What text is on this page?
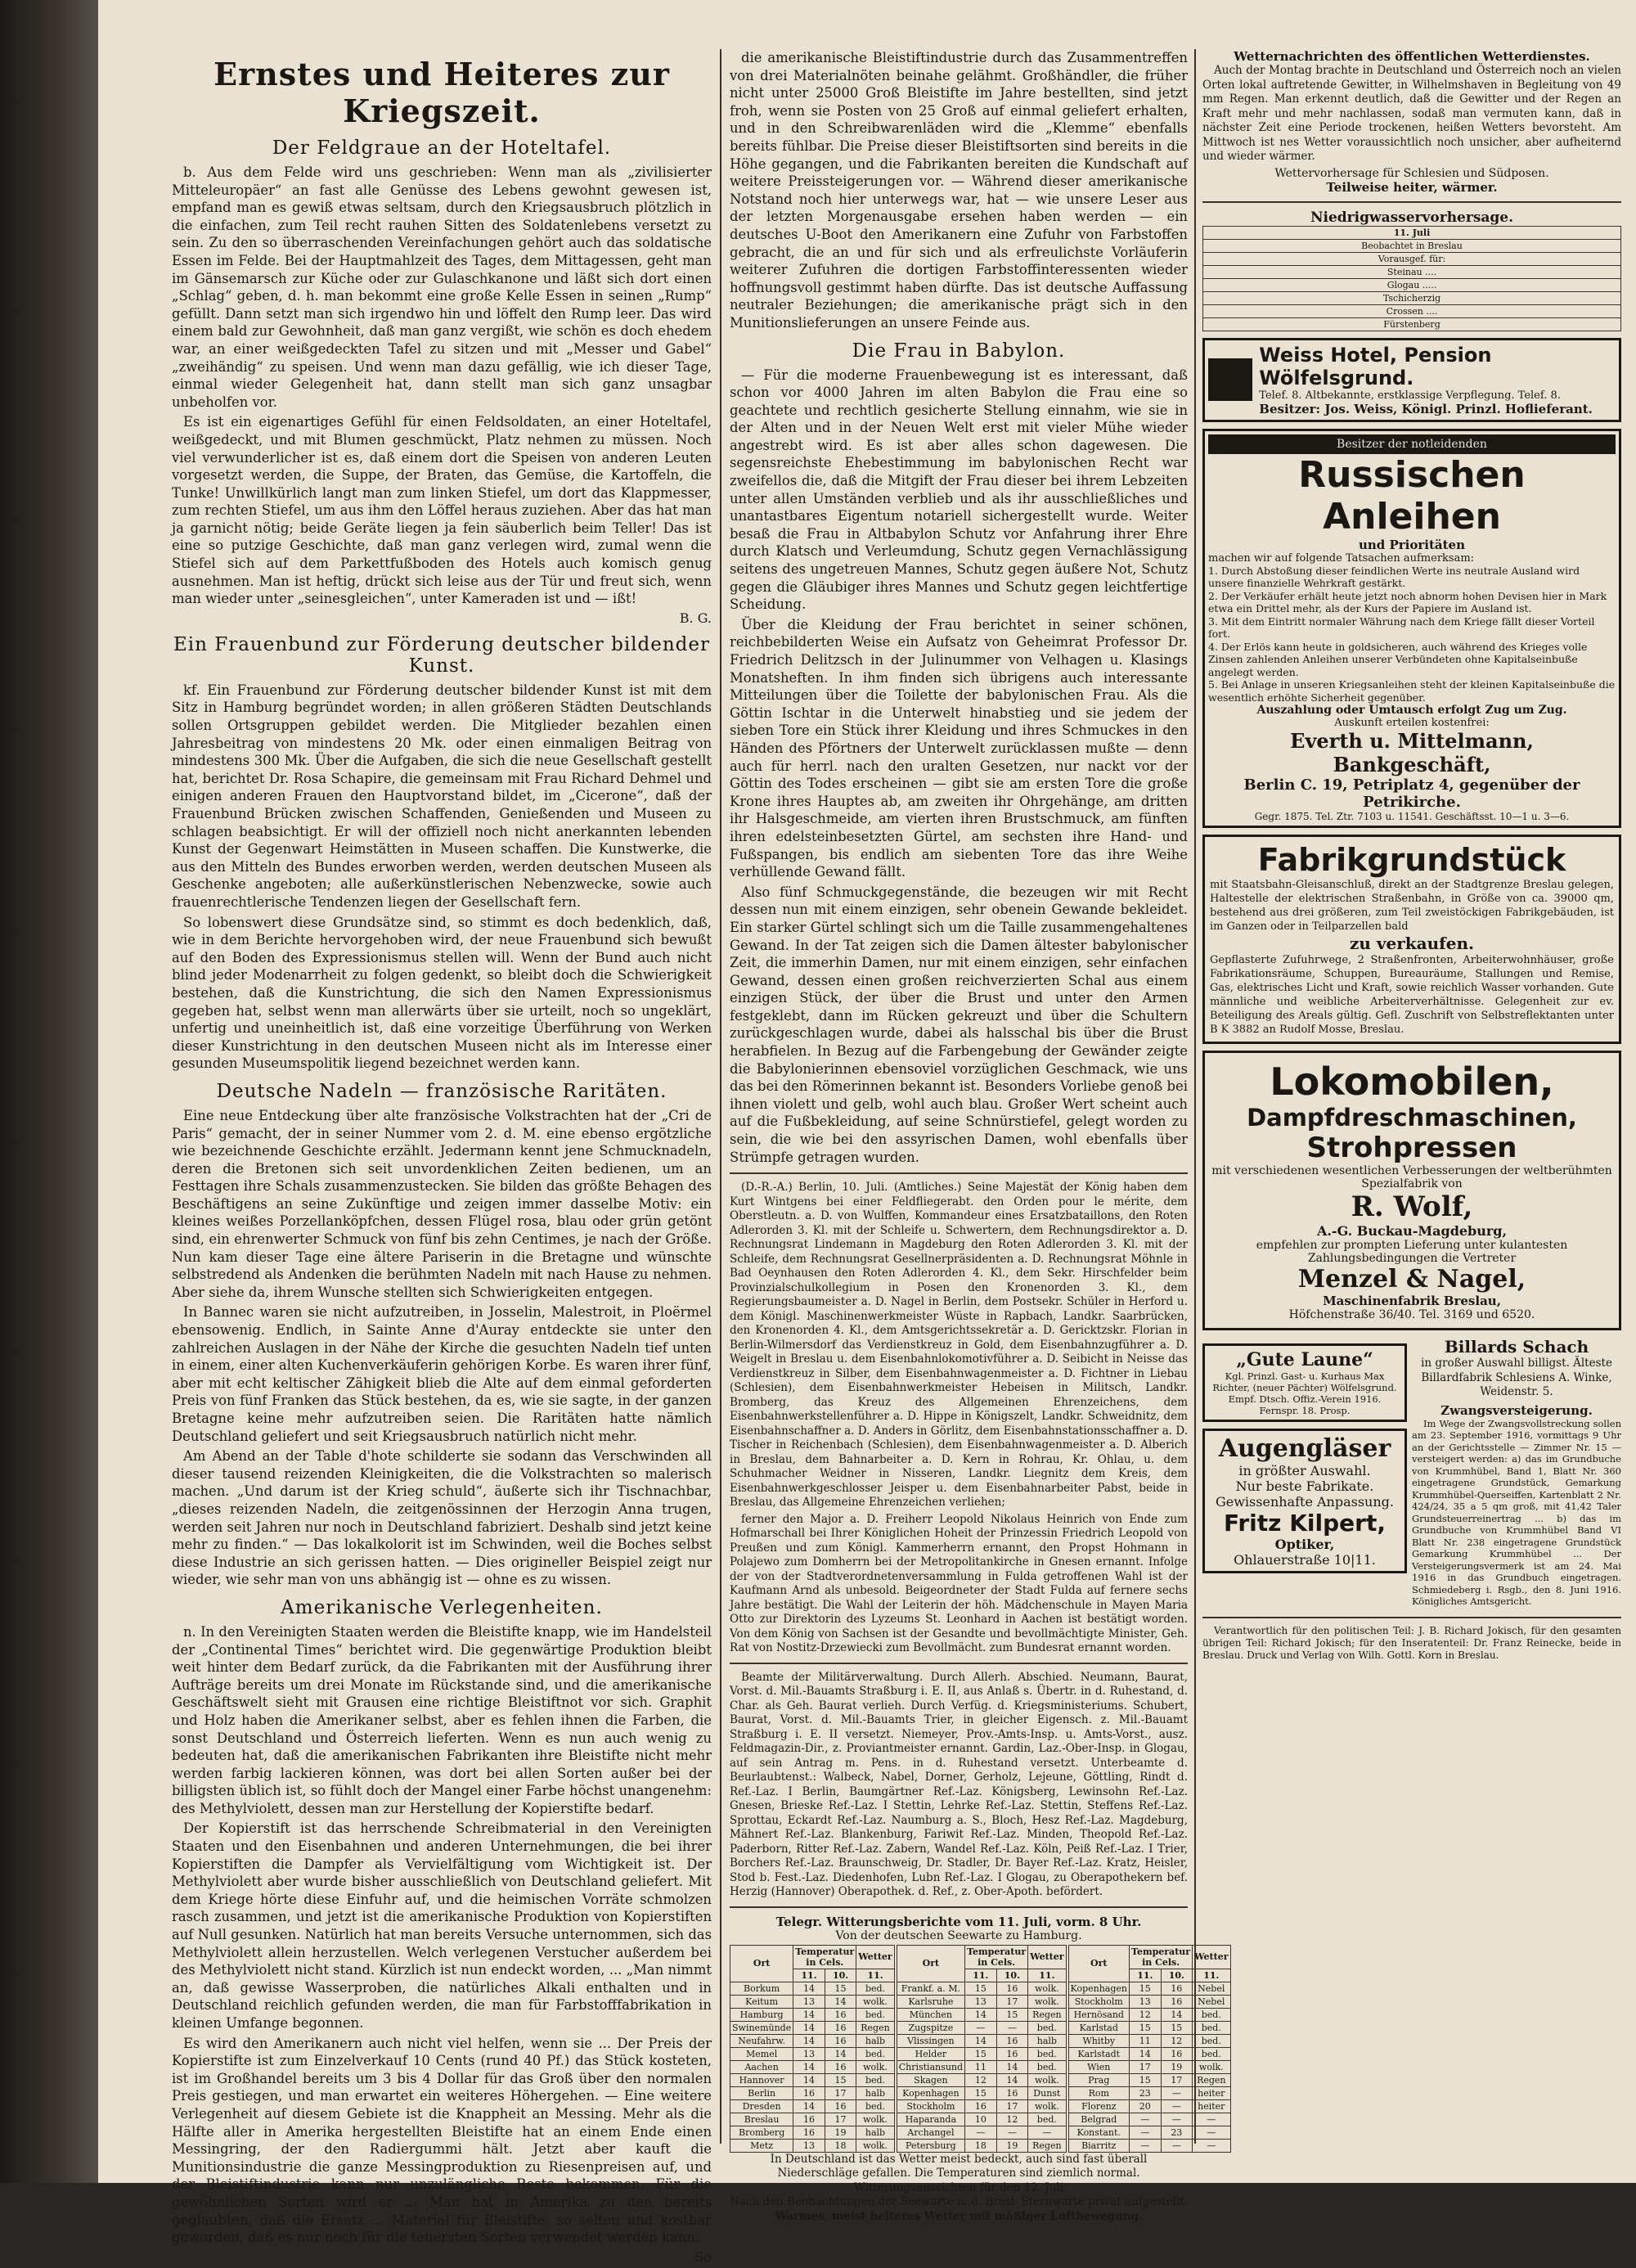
Ernstes und Heiteres zur Kriegszeit.
Der Feldgraue an der Hoteltafel.

b. Aus dem Felde wird uns geschrieben: Wenn man als „zivilisierter Mitteleuropäer“ an fast alle Genüsse des Lebens gewohnt gewesen ist, empfand man es gewiß etwas seltsam, durch den Kriegsausbruch plötzlich in die einfachen, zum Teil recht rauhen Sitten des Soldatenlebens versetzt zu sein. Zu den so überraschenden Vereinfachungen gehört auch das soldatische Essen im Felde. Bei der Hauptmahlzeit des Tages, dem Mittagessen, geht man im Gänsemarsch zur Küche oder zur Gulaschkanone und läßt sich dort einen „Schlag“ geben, d. h. man bekommt eine große Kelle Essen in seinen „Rump“ gefüllt. Dann setzt man sich irgendwo hin und löffelt den Rump leer. Das wird einem bald zur Gewohnheit, daß man ganz vergißt, wie schön es doch ehedem war, an einer weißgedeckten Tafel zu sitzen und mit „Messer und Gabel“ „zweihändig“ zu speisen. Und wenn man dazu gefällig, wie ich dieser Tage, einmal wieder Gelegenheit hat, dann stellt man sich ganz unsagbar unbeholfen vor.

Es ist ein eigenartiges Gefühl für einen Feldsoldaten, an einer Hoteltafel, weißgedeckt, und mit Blumen geschmückt, Platz nehmen zu müssen. Noch viel verwunderlicher ist es, daß einem dort die Speisen von anderen Leuten vorgesetzt werden, die Suppe, der Braten, das Gemüse, die Kartoffeln, die Tunke! Unwillkürlich langt man zum linken Stiefel, um dort das Klappmesser, zum rechten Stiefel, um aus ihm den Löffel heraus zuziehen. Aber das hat man ja garnicht nötig; beide Geräte liegen ja fein säuberlich beim Teller! Das ist eine so putzige Geschichte, daß man ganz verlegen wird, zumal wenn die Stiefel sich auf dem Parkettfußboden des Hotels auch komisch genug ausnehmen. Man ist heftig, drückt sich leise aus der Tür und freut sich, wenn man wieder unter „seinesgleichen“, unter Kameraden ist und — ißt!

B. G.
Ein Frauenbund zur Förderung deutscher bildender Kunst.

kf. Ein Frauenbund zur Förderung deutscher bildender Kunst ist mit dem Sitz in Hamburg begründet worden; in allen größeren Städten Deutschlands sollen Ortsgruppen gebildet werden. Die Mitglieder bezahlen einen Jahresbeitrag von mindestens 20 Mk. oder einen einmaligen Beitrag von mindestens 300 Mk. Über die Aufgaben, die sich die neue Gesellschaft gestellt hat, berichtet Dr. Rosa Schapire, die gemeinsam mit Frau Richard Dehmel und einigen anderen Frauen den Hauptvorstand bildet, im „Cicerone“, daß der Frauenbund Brücken zwischen Schaffenden, Genießenden und Museen zu schlagen beabsichtigt. Er will der offiziell noch nicht anerkannten lebenden Kunst der Gegenwart Heimstätten in Museen schaffen. Die Kunstwerke, die aus den Mitteln des Bundes erworben werden, werden deutschen Museen als Geschenke angeboten; alle außerkünstlerischen Nebenzwecke, sowie auch frauenrechtlerische Tendenzen liegen der Gesellschaft fern.

So lobenswert diese Grundsätze sind, so stimmt es doch bedenklich, daß, wie in dem Berichte hervorgehoben wird, der neue Frauenbund sich bewußt auf den Boden des Expressionismus stellen will. Wenn der Bund auch nicht blind jeder Modenarrheit zu folgen gedenkt, so bleibt doch die Schwierigkeit bestehen, daß die Kunstrichtung, die sich den Namen Expressionismus gegeben hat, selbst wenn man allerwärts über sie urteilt, noch so ungeklärt, unfertig und uneinheitlich ist, daß eine vorzeitige Überführung von Werken dieser Kunstrichtung in den deutschen Museen nicht als im Interesse einer gesunden Museumspolitik liegend bezeichnet werden kann.

Deutsche Nadeln — französische Raritäten.

Eine neue Entdeckung über alte französische Volkstrachten hat der „Cri de Paris“ gemacht, der in seiner Nummer vom 2. d. M. eine ebenso ergötzliche wie bezeichnende Geschichte erzählt. Jedermann kennt jene Schmucknadeln, deren die Bretonen sich seit unvordenklichen Zeiten bedienen, um an Festtagen ihre Schals zusammenzustecken. Sie bilden das größte Behagen des Beschäftigens an seine Zukünftige und zeigen immer dasselbe Motiv: ein kleines weißes Porzellanköpfchen, dessen Flügel rosa, blau oder grün getönt sind, ein ehrenwerter Schmuck von fünf bis zehn Centimes, je nach der Größe. Nun kam dieser Tage eine ältere Pariserin in die Bretagne und wünschte selbstredend als Andenken die berühmten Nadeln mit nach Hause zu nehmen. Aber siehe da, ihrem Wunsche stellten sich Schwierigkeiten entgegen.

In Bannec waren sie nicht aufzutreiben, in Josselin, Malestroit, in Ploërmel ebensowenig. Endlich, in Sainte Anne d'Auray entdeckte sie unter den zahlreichen Auslagen in der Nähe der Kirche die gesuchten Nadeln tief unten in einem, einer alten Kuchenverkäuferin gehörigen Korbe. Es waren ihrer fünf, aber mit echt keltischer Zähigkeit blieb die Alte auf dem einmal geforderten Preis von fünf Franken das Stück bestehen, da es, wie sie sagte, in der ganzen Bretagne keine mehr aufzutreiben seien. Die Raritäten hatte nämlich Deutschland geliefert und seit Kriegsausbruch natürlich nicht mehr.

Am Abend an der Table d'hote schilderte sie sodann das Verschwinden all dieser tausend reizenden Kleinigkeiten, die die Volkstrachten so malerisch machen. „Und darum ist der Krieg schuld“, äußerte sich ihr Tischnachbar, „dieses reizenden Nadeln, die zeitgenössinnen der Herzogin Anna trugen, werden seit Jahren nur noch in Deutschland fabriziert. Deshalb sind jetzt keine mehr zu finden.“ — Das lokalkolorit ist im Schwinden, weil die Boches selbst diese Industrie an sich gerissen hatten. — Dies origineller Beispiel zeigt nur wieder, wie sehr man von uns abhängig ist — ohne es zu wissen.

Amerikanische Verlegenheiten.

n. In den Vereinigten Staaten werden die Bleistifte knapp, wie im Handelsteil der „Continental Times“ berichtet wird. Die gegenwärtige Produktion bleibt weit hinter dem Bedarf zurück, da die Fabrikanten mit der Ausführung ihrer Aufträge bereits um drei Monate im Rückstande sind, und die amerikanische Geschäftswelt sieht mit Grausen eine richtige Bleistiftnot vor sich. Graphit und Holz haben die Amerikaner selbst, aber es fehlen ihnen die Farben, die sonst Deutschland und Österreich lieferten. Wenn es nun auch wenig zu bedeuten hat, daß die amerikanischen Fabrikanten ihre Bleistifte nicht mehr werden farbig lackieren können, was dort bei allen Sorten außer bei der billigsten üblich ist, so fühlt doch der Mangel einer Farbe höchst unangenehm: des Methylviolett, dessen man zur Herstellung der Kopierstifte bedarf.

Der Kopierstift ist das herrschende Schreibmaterial in den Vereinigten Staaten und den Eisenbahnen und anderen Unternehmungen, die bei ihrer Kopierstiften die Dampfer als Vervielfältigung vom Wichtigkeit ist. Der Methylviolett aber wurde bisher ausschließlich von Deutschland geliefert. Mit dem Kriege hörte diese Einfuhr auf, und die heimischen Vorräte schmolzen rasch zusammen, und jetzt ist die amerikanische Produktion von Kopierstiften auf Null gesunken. Natürlich hat man bereits Versuche unternommen, sich das Methylviolett allein herzustellen. Welch verlegenen Verstucher außerdem bei des Methylviolett nicht stand. Kürzlich ist nun endeckt worden, ... „Man nimmt an, daß gewisse Wasserproben, die natürliches Alkali enthalten und in Deutschland reichlich gefunden werden, die man für Farbstofffabrikation in kleinen Umfange begonnen.

Es wird den Amerikanern auch nicht viel helfen, wenn sie ... Der Preis der Kopierstifte ist zum Einzelverkauf 10 Cents (rund 40 Pf.) das Stück kosteten, ist im Großhandel bereits um 3 bis 4 Dollar für das Groß über den normalen Preis gestiegen, und man erwartet ein weiteres Höhergehen. — Eine weitere Verlegenheit auf diesem Gebiete ist die Knappheit an Messing. Mehr als die Hälfte aller in Amerika hergestellten Bleistifte hat an einem Ende einen Messingring, der den Radiergummi hält. Jetzt aber kauft die Munitionsindustrie die ganze Messingproduktion zu Riesenpreisen auf, und der Bleistiftindustrie kann nur unzulängliche Reste bekommen. Für die gewöhnlichen Sorten wird er ... Man hat in Amerika zu den bereits geglaubten, daß die Ersatz ... Material für Bleistifte, so selten und kostbar geworden, daß es nur noch für die teuersten Sorten verwendet werden kann.

So

die amerikanische Bleistiftindustrie durch das Zusammentreffen von drei Materialnöten beinahe gelähmt. Großhändler, die früher nicht unter 25000 Groß Bleistifte im Jahre bestellten, sind jetzt froh, wenn sie Posten von 25 Groß auf einmal geliefert erhalten, und in den Schreibwarenläden wird die „Klemme“ ebenfalls bereits fühlbar. Die Preise dieser Bleistiftsorten sind bereits in die Höhe gegangen, und die Fabrikanten bereiten die Kundschaft auf weitere Preissteigerungen vor. — Während dieser amerikanische Notstand noch hier unterwegs war, hat — wie unsere Leser aus der letzten Morgenausgabe ersehen haben werden — ein deutsches U-Boot den Amerikanern eine Zufuhr von Farbstoffen gebracht, die an und für sich und als erfreulichste Vorläuferin weiterer Zufuhren die dortigen Farbstoffinteressenten wieder hoffnungsvoll gestimmt haben dürfte. Das ist deutsche Auffassung neutraler Beziehungen; die amerikanische prägt sich in den Munitionslieferungen an unsere Feinde aus.

Die Frau in Babylon.

— Für die moderne Frauenbewegung ist es interessant, daß schon vor 4000 Jahren im alten Babylon die Frau eine so geachtete und rechtlich gesicherte Stellung einnahm, wie sie in der Alten und in der Neuen Welt erst mit vieler Mühe wieder angestrebt wird. Es ist aber alles schon dagewesen. Die segensreichste Ehebestimmung im babylonischen Recht war zweifellos die, daß die Mitgift der Frau dieser bei ihrem Lebzeiten unter allen Umständen verblieb und als ihr ausschließliches und unantastbares Eigentum notariell sichergestellt wurde. Weiter besaß die Frau in Altbabylon Schutz vor Anfahrung ihrer Ehre durch Klatsch und Verleumdung, Schutz gegen Vernachlässigung seitens des ungetreuen Mannes, Schutz gegen äußere Not, Schutz gegen die Gläubiger ihres Mannes und Schutz gegen leichtfertige Scheidung.

Über die Kleidung der Frau berichtet in seiner schönen, reichbebilderten Weise ein Aufsatz von Geheimrat Professor Dr. Friedrich Delitzsch in der Julinummer von Velhagen u. Klasings Monatsheften. In ihm finden sich übrigens auch interessante Mitteilungen über die Toilette der babylonischen Frau. Als die Göttin Ischtar in die Unterwelt hinabstieg und sie jedem der sieben Tore ein Stück ihrer Kleidung und ihres Schmuckes in den Händen des Pförtners der Unterwelt zurücklassen mußte — denn auch für herrl. nach den uralten Gesetzen, nur nackt vor der Göttin des Todes erscheinen — gibt sie am ersten Tore die große Krone ihres Hauptes ab, am zweiten ihr Ohrgehänge, am dritten ihr Halsgeschmeide, am vierten ihren Brustschmuck, am fünften ihren edelsteinbesetzten Gürtel, am sechsten ihre Hand- und Fußspangen, bis endlich am siebenten Tore das ihre Weihe verhüllende Gewand fällt.

Also fünf Schmuckgegenstände, die bezeugen wir mit Recht dessen nun mit einem einzigen, sehr obenein Gewande bekleidet. Ein starker Gürtel schlingt sich um die Taille zusammengehaltenes Gewand. In der Tat zeigen sich die Damen ältester babylonischer Zeit, die immerhin Damen, nur mit einem einzigen, sehr einfachen Gewand, dessen einen großen reichverzierten Schal aus einem einzigen Stück, der über die Brust und unter den Armen festgeklebt, dann im Rücken gekreuzt und über die Schultern zurückgeschlagen wurde, dabei als halsschal bis über die Brust herabfielen. In Bezug auf die Farbengebung der Gewänder zeigte die Babylonierinnen ebensoviel vorzüglichen Geschmack, wie uns das bei den Römerinnen bekannt ist. Besonders Vorliebe genoß bei ihnen violett und gelb, wohl auch blau. Großer Wert scheint auch auf die Fußbekleidung, auf seine Schnürstiefel, gelegt worden zu sein, die wie bei den assyrischen Damen, wohl ebenfalls über Strümpfe getragen wurden.

(D.-R.-A.) Berlin, 10. Juli. (Amtliches.) Seine Majestät der König haben dem Kurt Wintgens bei einer Feldfliegerabt. den Orden pour le mérite, dem Oberstleutn. a. D. von Wulffen, Kommandeur eines Ersatzbataillons, den Roten Adlerorden 3. Kl. mit der Schleife u. Schwertern, dem Rechnungsdirektor a. D. Rechnungsrat Lindemann in Magdeburg den Roten Adlerorden 3. Kl. mit der Schleife, dem Rechnungsrat Gesellnerpräsidenten a. D. Rechnungsrat Möhnle in Bad Oeynhausen den Roten Adlerorden 4. Kl., dem Sekr. Hirschfelder beim Provinzialschulkollegium in Posen den Kronenorden 3. Kl., dem Regierungsbaumeister a. D. Nagel in Berlin, dem Postsekr. Schüler in Herford u. dem Königl. Maschinenwerkmeister Wüste in Rapbach, Landkr. Saarbrücken, den Kronenorden 4. Kl., dem Amtsgerichtssekretär a. D. Gericktzskr. Florian in Berlin-Wilmersdorf das Verdienstkreuz in Gold, dem Eisenbahnzugführer a. D. Weigelt in Breslau u. dem Eisenbahnlokomotivführer a. D. Seibicht in Neisse das Verdienstkreuz in Silber, dem Eisenbahnwagenmeister a. D. Fichtner in Liebau (Schlesien), dem Eisenbahnwerkmeister Hebeisen in Militsch, Landkr. Bromberg, das Kreuz des Allgemeinen Ehrenzeichens, dem Eisenbahnwerkstellenführer a. D. Hippe in Königszelt, Landkr. Schweidnitz, dem Eisenbahnschaffner a. D. Anders in Görlitz, dem Eisenbahnstationsschaffner a. D. Tischer in Reichenbach (Schlesien), dem Eisenbahnwagenmeister a. D. Alberich in Breslau, dem Bahnarbeiter a. D. Kern in Rohrau, Kr. Ohlau, u. dem Schuhmacher Weidner in Nisseren, Landkr. Liegnitz dem Kreis, dem Eisenbahnwerkgeschlosser Jeisper u. dem Eisenbahnarbeiter Pabst, beide in Breslau, das Allgemeine Ehrenzeichen verliehen;

ferner den Major a. D. Freiherr Leopold Nikolaus Heinrich von Ende zum Hofmarschall bei Ihrer Königlichen Hoheit der Prinzessin Friedrich Leopold von Preußen und zum Königl. Kammerherrn ernannt, den Propst Hohmann in Polajewo zum Domherrn bei der Metropolitankirche in Gnesen ernannt. Infolge der von der Stadtverordnetenversammlung in Fulda getroffenen Wahl ist der Kaufmann Arnd als unbesold. Beigeordneter der Stadt Fulda auf fernere sechs Jahre bestätigt. Die Wahl der Leiterin der höh. Mädchenschule in Mayen Maria Otto zur Direktorin des Lyzeums St. Leonhard in Aachen ist bestätigt worden. Von dem König von Sachsen ist der Gesandte und bevollmächtigte Minister, Geh. Rat von Nostitz-Drzewiecki zum Bevollmächt. zum Bundesrat ernannt worden.

Beamte der Militärverwaltung. Durch Allerh. Abschied. Neumann, Baurat, Vorst. d. Mil.-Bauamts Straßburg i. E. II, aus Anlaß s. Übertr. in d. Ruhestand, d. Char. als Geh. Baurat verlieh. Durch Verfüg. d. Kriegsministeriums. Schubert, Baurat, Vorst. d. Mil.-Bauamts Trier, in gleicher Eigensch. z. Mil.-Bauamt Straßburg i. E. II versetzt. Niemeyer, Prov.-Amts-Insp. u. Amts-Vorst., ausz. Feldmagazin-Dir., z. Proviantmeister ernannt. Gardin, Laz.-Ober-Insp. in Glogau, auf sein Antrag m. Pens. in d. Ruhestand versetzt. Unterbeamte d. Beurlaubtenst.: Walbeck, Nabel, Dorner, Gerholz, Lejeune, Göttling, Rindt d. Ref.-Laz. I Berlin, Baumgärtner Ref.-Laz. Königsberg, Lewinsohn Ref.-Laz. Gnesen, Brieske Ref.-Laz. I Stettin, Lehrke Ref.-Laz. Stettin, Steffens Ref.-Laz. Sprottau, Eckardt Ref.-Laz. Naumburg a. S., Bloch, Hesz Ref.-Laz. Magdeburg, Mähnert Ref.-Laz. Blankenburg, Fariwit Ref.-Laz. Minden, Theopold Ref.-Laz. Paderborn, Ritter Ref.-Laz. Zabern, Wandel Ref.-Laz. Köln, Peiß Ref.-Laz. I Trier, Borchers Ref.-Laz. Braunschweig, Dr. Stadler, Dr. Bayer Ref.-Laz. Kratz, Heisler, Stod b. Fest.-Laz. Diedenhofen, Lubn Ref.-Laz. I Glogau, zu Oberapothekern bef. Herzig (Hannover) Oberapothek. d. Ref., z. Ober-Apoth. befördert.

Telegr. Witterungsberichte vom 11. Juli, vorm. 8 Uhr.
Von der deutschen Seewarte zu Hamburg.
Ort	Temperatur in Cels.		Wetter
	11.	10.	11.
Borkum	14	15	bed.
Keitum	13	14	wolk.
Hamburg	14	16	bed.
Swinemünde	14	16	Regen
Neufahrw.	14	16	halb
Memel	13	14	bed.
Aachen	14	16	wolk.
Hannover	14	15	bed.
Berlin	16	17	halb
Dresden	14	16	bed.
Breslau	16	17	wolk.
Bromberg	16	19	halb
Metz	13	18	wolk.
Ort	Temperatur in Cels.		Wetter
	11.	10.	11.
Frankf. a. M.	15	16	wolk.
Karlsruhe	13	17	wolk.
München	14	15	Regen
Zugspitze	—	—	bed.
Vlissingen	14	16	halb
Helder	15	16	bed.
Christiansund	11	14	bed.
Skagen	12	14	wolk.
Kopenhagen	15	16	Dunst
Stockholm	16	17	wolk.
Haparanda	10	12	bed.
Archangel	—	—	—
Petersburg	18	19	Regen
Ort	Temperatur in Cels.		Wetter
	11.	10.	11.
Kopenhagen	15	16	Nebel
Stockholm	13	16	Nebel
Hernösand	12	14	bed.
Karlstad	15	15	bed.
Whitby	11	12	bed.
Karlstadt	14	16	bed.
Wien	17	19	wolk.
Prag	15	17	Regen
Rom	23	—	heiter
Florenz	20	—	heiter
Belgrad	—	—	—
Konstant.	—	23	—
Biarritz	—	—	—
In Deutschland ist das Wetter meist bedeckt, auch sind fast überall Niederschläge gefallen. Die Temperaturen sind ziemlich normal.
Witterungsaussichten für den 12. Juli
Nach den Beobachtungen der Seewarte u. d. Bresl. Sternwarte privat aufgestellt.
Warmes, meist heiteres Wetter mit mäßiger Luftbewegung.
Wetternachrichten des öffentlichen Wetterdienstes.

Auch der Montag brachte in Deutschland und Österreich noch an vielen Orten lokal auftretende Gewitter, in Wilhelmshaven in Begleitung von 49 mm Regen. Man erkennt deutlich, daß die Gewitter und der Regen an Kraft mehr und mehr nachlassen, sodaß man vermuten kann, daß in nächster Zeit eine Periode trockenen, heißen Wetters bevorsteht. Am Mittwoch ist nes Wetter voraussichtlich noch unsicher, aber aufheiternd und wieder wärmer.

Wettervorhersage für Schlesien und Südposen.
Teilweise heiter, wärmer.
Niedrigwasservorhersage.
11. Juli
Beobachtet in Breslau
Vorausgef. für:
Steinau ....
Glogau .....
Tschicherzig
Crossen ....
Fürstenberg
Weiss Hotel, Pension Wölfelsgrund.
Telef. 8. Altbekannte, erstklassige Verpflegung. Telef. 8.
Besitzer: Jos. Weiss, Königl. Prinzl. Hoflieferant.
Besitzer der notleidenden
Russischen Anleihen
und Prioritäten
machen wir auf folgende Tatsachen aufmerksam:
1. Durch Abstoßung dieser feindlichen Werte ins neutrale Ausland wird unsere finanzielle Wehrkraft gestärkt.
2. Der Verkäufer erhält heute jetzt noch abnorm hohen Devisen hier in Mark etwa ein Drittel mehr, als der Kurs der Papiere im Ausland ist.
3. Mit dem Eintritt normaler Währung nach dem Kriege fällt dieser Vorteil fort.
4. Der Erlös kann heute in goldsicheren, auch während des Krieges volle Zinsen zahlenden Anleihen unserer Verbündeten ohne Kapitalseinbuße angelegt werden.
5. Bei Anlage in unseren Kriegsanleihen steht der kleinen Kapitalseinbuße die wesentlich erhöhte Sicherheit gegenüber.
Auszahlung oder Umtausch erfolgt Zug um Zug.
Auskunft erteilen kostenfrei:
Everth u. Mittelmann, Bankgeschäft,
Berlin C. 19, Petriplatz 4, gegenüber der Petrikirche.
Gegr. 1875. Tel. Ztr. 7103 u. 11541. Geschäftsst. 10—1 u. 3—6.
Fabrikgrundstück
mit Staatsbahn-Gleisanschluß, direkt an der Stadtgrenze Breslau gelegen, Haltestelle der elektrischen Straßenbahn, in Größe von ca. 39000 qm, bestehend aus drei größeren, zum Teil zweistöckigen Fabrikgebäuden, ist im Ganzen oder in Teilparzellen bald
zu verkaufen.
Gepflasterte Zufuhrwege, 2 Straßenfronten, Arbeiterwohnhäuser, große Fabrikationsräume, Schuppen, Bureauräume, Stallungen und Remise, Gas, elektrisches Licht und Kraft, sowie reichlich Wasser vorhanden. Gute männliche und weibliche Arbeiterverhältnisse. Gelegenheit zur ev. Beteiligung des Areals gültig. Gefl. Zuschrift von Selbstreflektanten unter B K 3882 an Rudolf Mosse, Breslau.
Lokomobilen,
Dampfdreschmaschinen,
Strohpressen
mit verschiedenen wesentlichen Verbesserungen der weltberühmten Spezialfabrik von
R. Wolf,
A.-G. Buckau-Magdeburg,
empfehlen zur prompten Lieferung unter kulantesten Zahlungsbedingungen die Vertreter
Menzel & Nagel,
Maschinenfabrik Breslau,
Höfchenstraße 36/40. Tel. 3169 und 6520.
„Gute Laune“
Kgl. Prinzl. Gast- u. Kurhaus Max Richter, (neuer Pächter) Wölfelsgrund. Empf. Dtsch. Offiz.-Verein 1916. Fernspr. 18. Prosp.
Augengläser
in größter Auswahl.
Nur beste Fabrikate.
Gewissenhafte Anpassung.
Fritz Kilpert,
Optiker,
Ohlauerstraße 10|11.
Billards Schach
in großer Auswahl billigst. Älteste Billardfabrik Schlesiens A. Winke, Weidenstr. 5.
Zwangsversteigerung.

Im Wege der Zwangsvollstreckung sollen am 23. September 1916, vormittags 9 Uhr an der Gerichtsstelle — Zimmer Nr. 15 — versteigert werden: a) das im Grundbuche von Krummhübel, Band 1, Blatt Nr. 360 eingetragene Grundstück, Gemarkung Krummhübel-Querseiffen, Kartenblatt 2 Nr. 424/24, 35 a 5 qm groß, mit 41,42 Taler Grundsteuerreinertrag ... b) das im Grundbuche von Krummhübel Band VI Blatt Nr. 238 eingetragene Grundstück Gemarkung Krummhübel ... Der Versteigerungsvermerk ist am 24. Mai 1916 in das Grundbuch eingetragen. Schmiedeberg i. Rsgb., den 8. Juni 1916. Königliches Amtsgericht.

Verantwortlich für den politischen Teil: J. B. Richard Jokisch, für den gesamten übrigen Teil: Richard Jokisch; für den Inseratenteil: Dr. Franz Reinecke, beide in Breslau. Druck und Verlag von Wilh. Gottl. Korn in Breslau.
